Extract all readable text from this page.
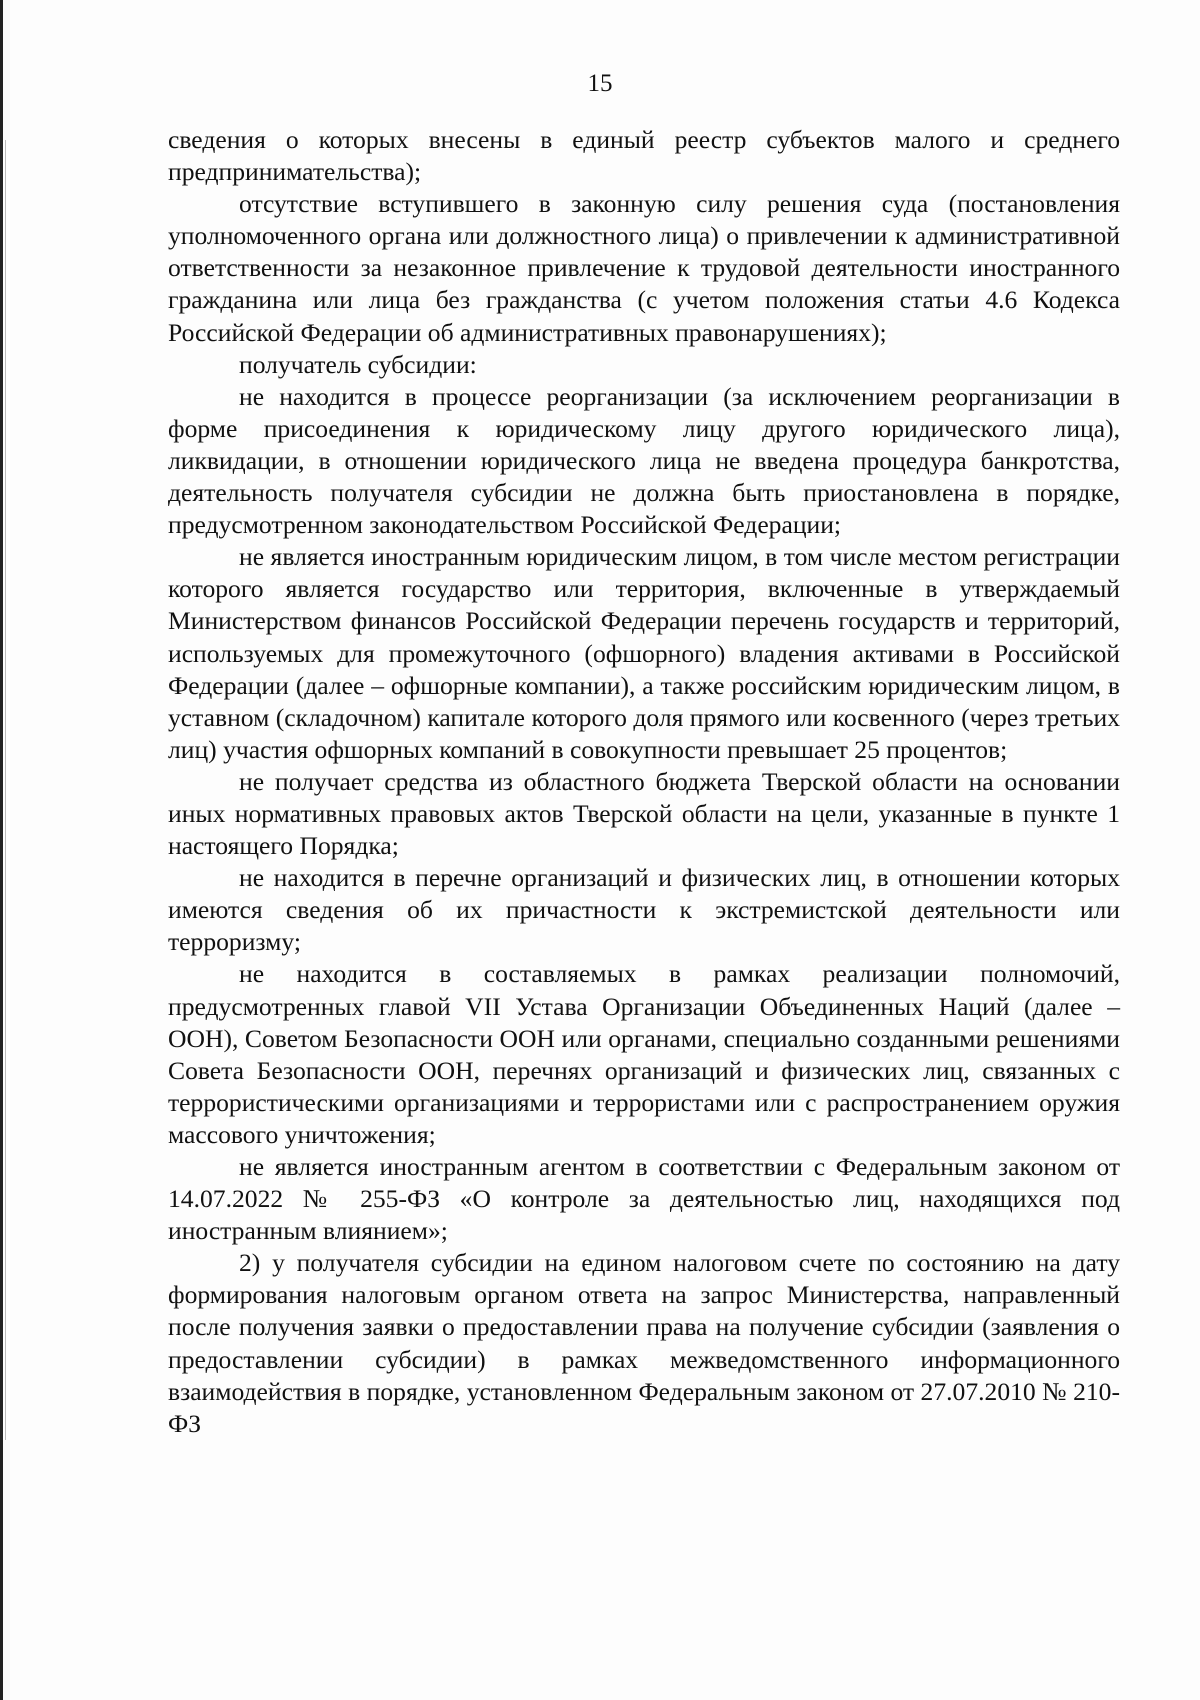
15

сведения о которых внесены в единый реестр субъектов малого и среднего предпринимательства);

отсутствие вступившего в законную силу решения суда (постановления уполномоченного органа или должностного лица) о привлечении к административной ответственности за незаконное привлечение к трудовой деятельности иностранного гражданина или лица без гражданства (с учетом положения статьи 4.6 Кодекса Российской Федерации об административных правонарушениях);

получатель субсидии:

не находится в процессе реорганизации (за исключением реорганизации в форме присоединения к юридическому лицу другого юридического лица), ликвидации, в отношении юридического лица не введена процедура банкротства, деятельность получателя субсидии не должна быть приостановлена в порядке, предусмотренном законодательством Российской Федерации;

не является иностранным юридическим лицом, в том числе местом регистрации которого является государство или территория, включенные в утверждаемый Министерством финансов Российской Федерации перечень государств и территорий, используемых для промежуточного (офшорного) владения активами в Российской Федерации (далее – офшорные компании), а также российским юридическим лицом, в уставном (складочном) капитале которого доля прямого или косвенного (через третьих лиц) участия офшорных компаний в совокупности превышает 25 процентов;

не получает средства из областного бюджета Тверской области на основании иных нормативных правовых актов Тверской области на цели, указанные в пункте 1 настоящего Порядка;

не находится в перечне организаций и физических лиц, в отношении которых имеются сведения об их причастности к экстремистской деятельности или терроризму;

не находится в составляемых в рамках реализации полномочий, предусмотренных главой VII Устава Организации Объединенных Наций (далее – ООН), Советом Безопасности ООН или органами, специально созданными решениями Совета Безопасности ООН, перечнях организаций и физических лиц, связанных с террористическими организациями и террористами или с распространением оружия массового уничтожения;

не является иностранным агентом в соответствии с Федеральным законом от 14.07.2022 № 255-ФЗ «О контроле за деятельностью лиц, находящихся под иностранным влиянием»;

2) у получателя субсидии на едином налоговом счете по состоянию на дату формирования налоговым органом ответа на запрос Министерства, направленный после получения заявки о предоставлении права на получение субсидии (заявления о предоставлении субсидии) в рамках межведомственного информационного взаимодействия в порядке, установленном Федеральным законом от 27.07.2010 № 210-ФЗ
